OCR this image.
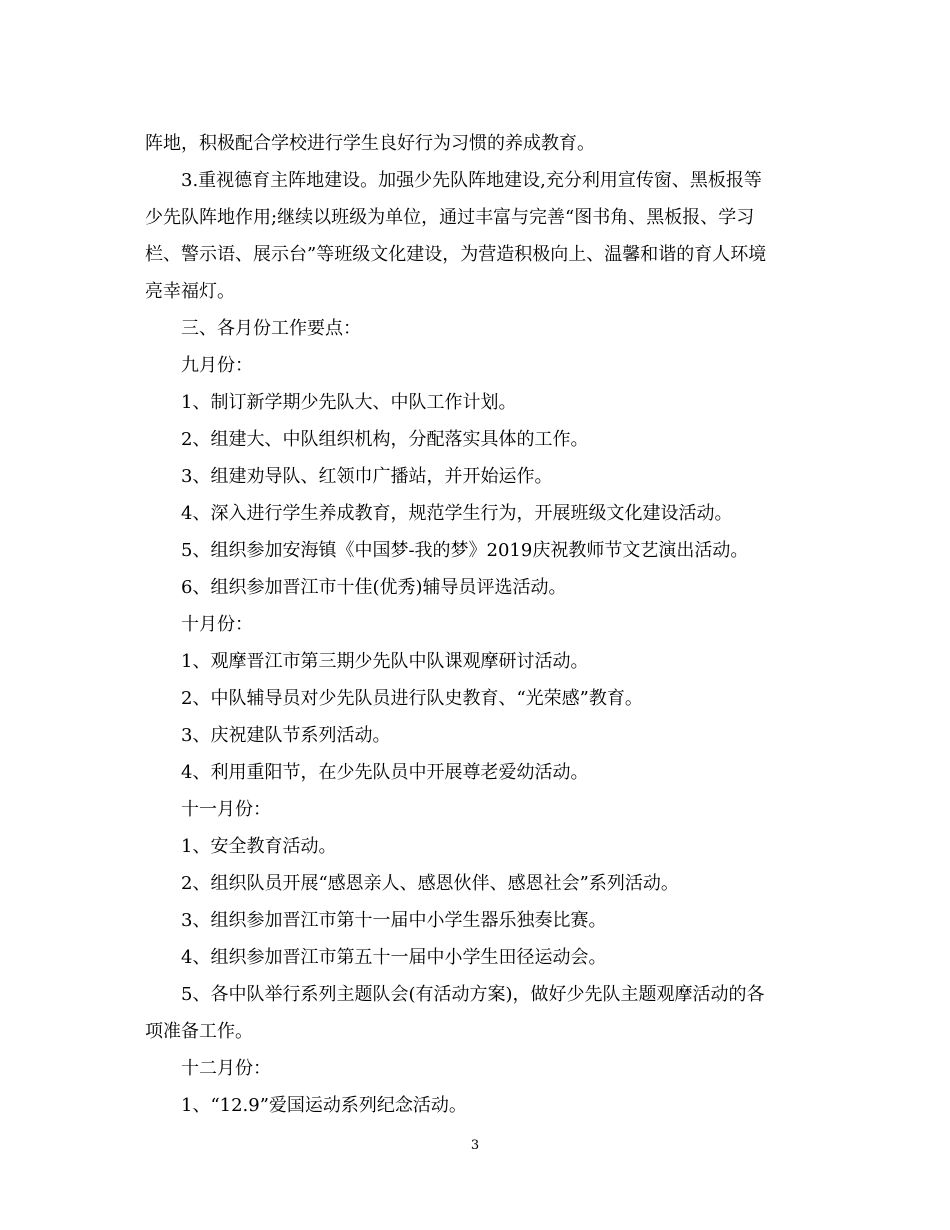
阵地，积极配合学校进行学生良好行为习惯的养成教育。
3.重视德育主阵地建设。加强少先队阵地建设,充分利用宣传窗、黑板报等
少先队阵地作用;继续以班级为单位，通过丰富与完善“图书角、黑板报、学习
栏、警示语、展示台”等班级文化建设，为营造积极向上、温馨和谐的育人环境
亮幸福灯。
三、各月份工作要点：
九月份：
1、制订新学期少先队大、中队工作计划。
2、组建大、中队组织机构，分配落实具体的工作。
3、组建劝导队、红领巾广播站，并开始运作。
4、深入进行学生养成教育，规范学生行为，开展班级文化建设活动。
5、组织参加安海镇《中国梦-我的梦》2019庆祝教师节文艺演出活动。
6、组织参加晋江市十佳(优秀)辅导员评选活动。
十月份：
1、观摩晋江市第三期少先队中队课观摩研讨活动。
2、中队辅导员对少先队员进行队史教育、“光荣感”教育。
3、庆祝建队节系列活动。
4、利用重阳节，在少先队员中开展尊老爱幼活动。
十一月份：
1、安全教育活动。
2、组织队员开展“感恩亲人、感恩伙伴、感恩社会”系列活动。
3、组织参加晋江市第十一届中小学生器乐独奏比赛。
4、组织参加晋江市第五十一届中小学生田径运动会。
5、各中队举行系列主题队会(有活动方案)，做好少先队主题观摩活动的各
项准备工作。
十二月份：
1、“12.9”爱国运动系列纪念活动。
3
